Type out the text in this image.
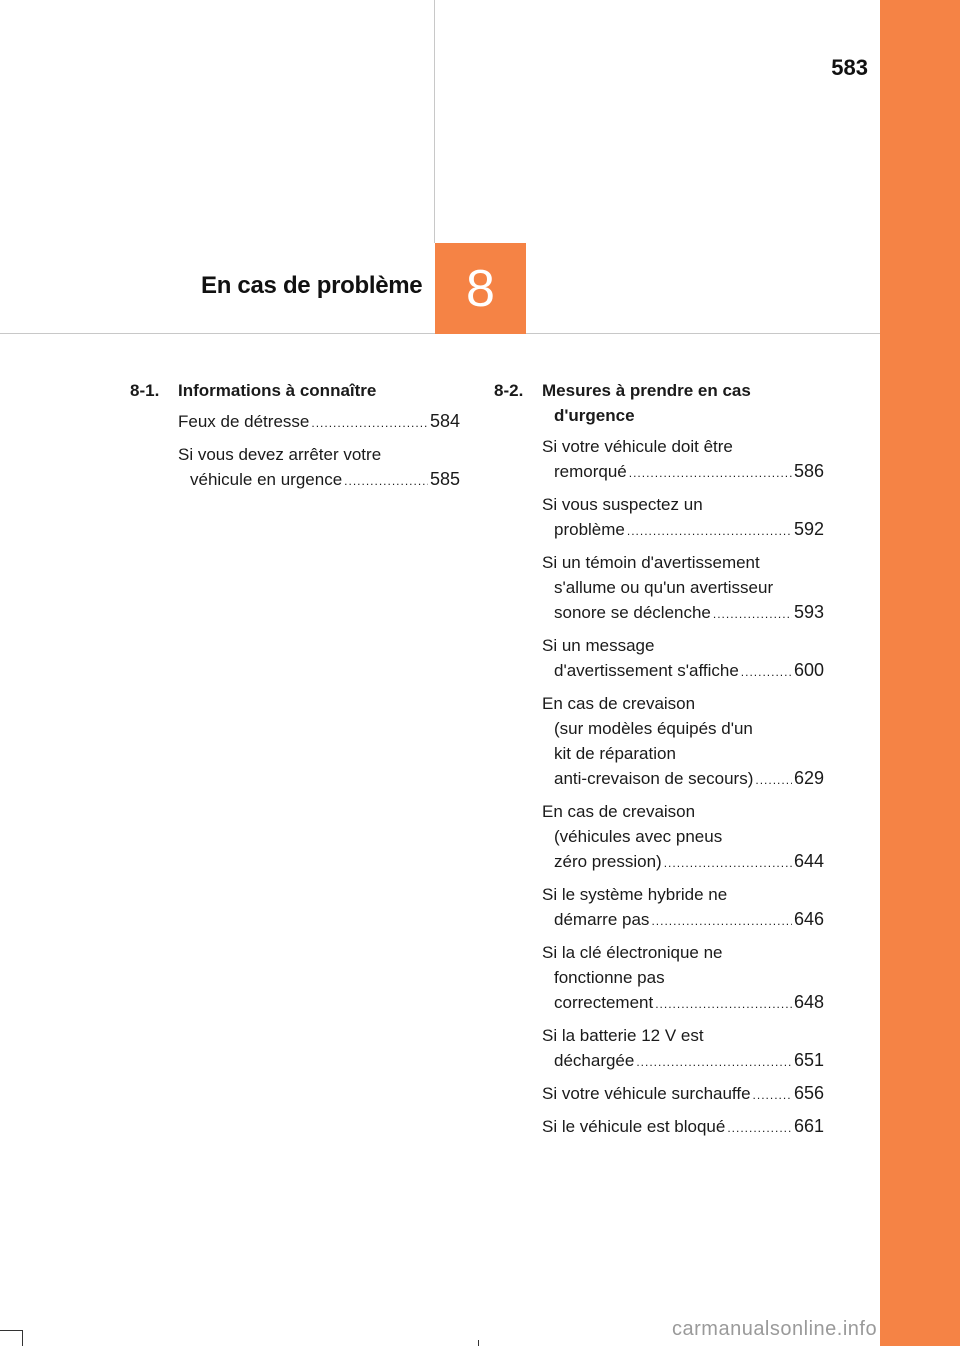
583
En cas de problème 8
8-1. Informations à connaître
Feux de détresse .....	584
Si vous devez arrêter votre

véhicule en urgence .....	585
8-2. Mesures à prendre en cas d'urgence
Si votre véhicule doit être

remorqué .....	586
Si vous suspectez un

problème .....	592
Si un témoin d'avertissement
s'allume ou qu'un avertisseur

sonore se déclenche .....	593
Si un message

d'avertissement s'affiche .....	600
En cas de crevaison
(sur modèles équipés d'un
kit de réparation

anti-crevaison de secours) ..... 629
En cas de crevaison
(véhicules avec pneus

zéro pression) .....	644
Si le système hybride ne

démarre pas .....	646
Si la clé électronique ne
fonctionne pas

correctement .....	648
Si la batterie 12 V est

déchargée .....	651
Si votre véhicule surchauffe ..... 656
Si le véhicule est bloqué .....	661
carmanualsonline.info
